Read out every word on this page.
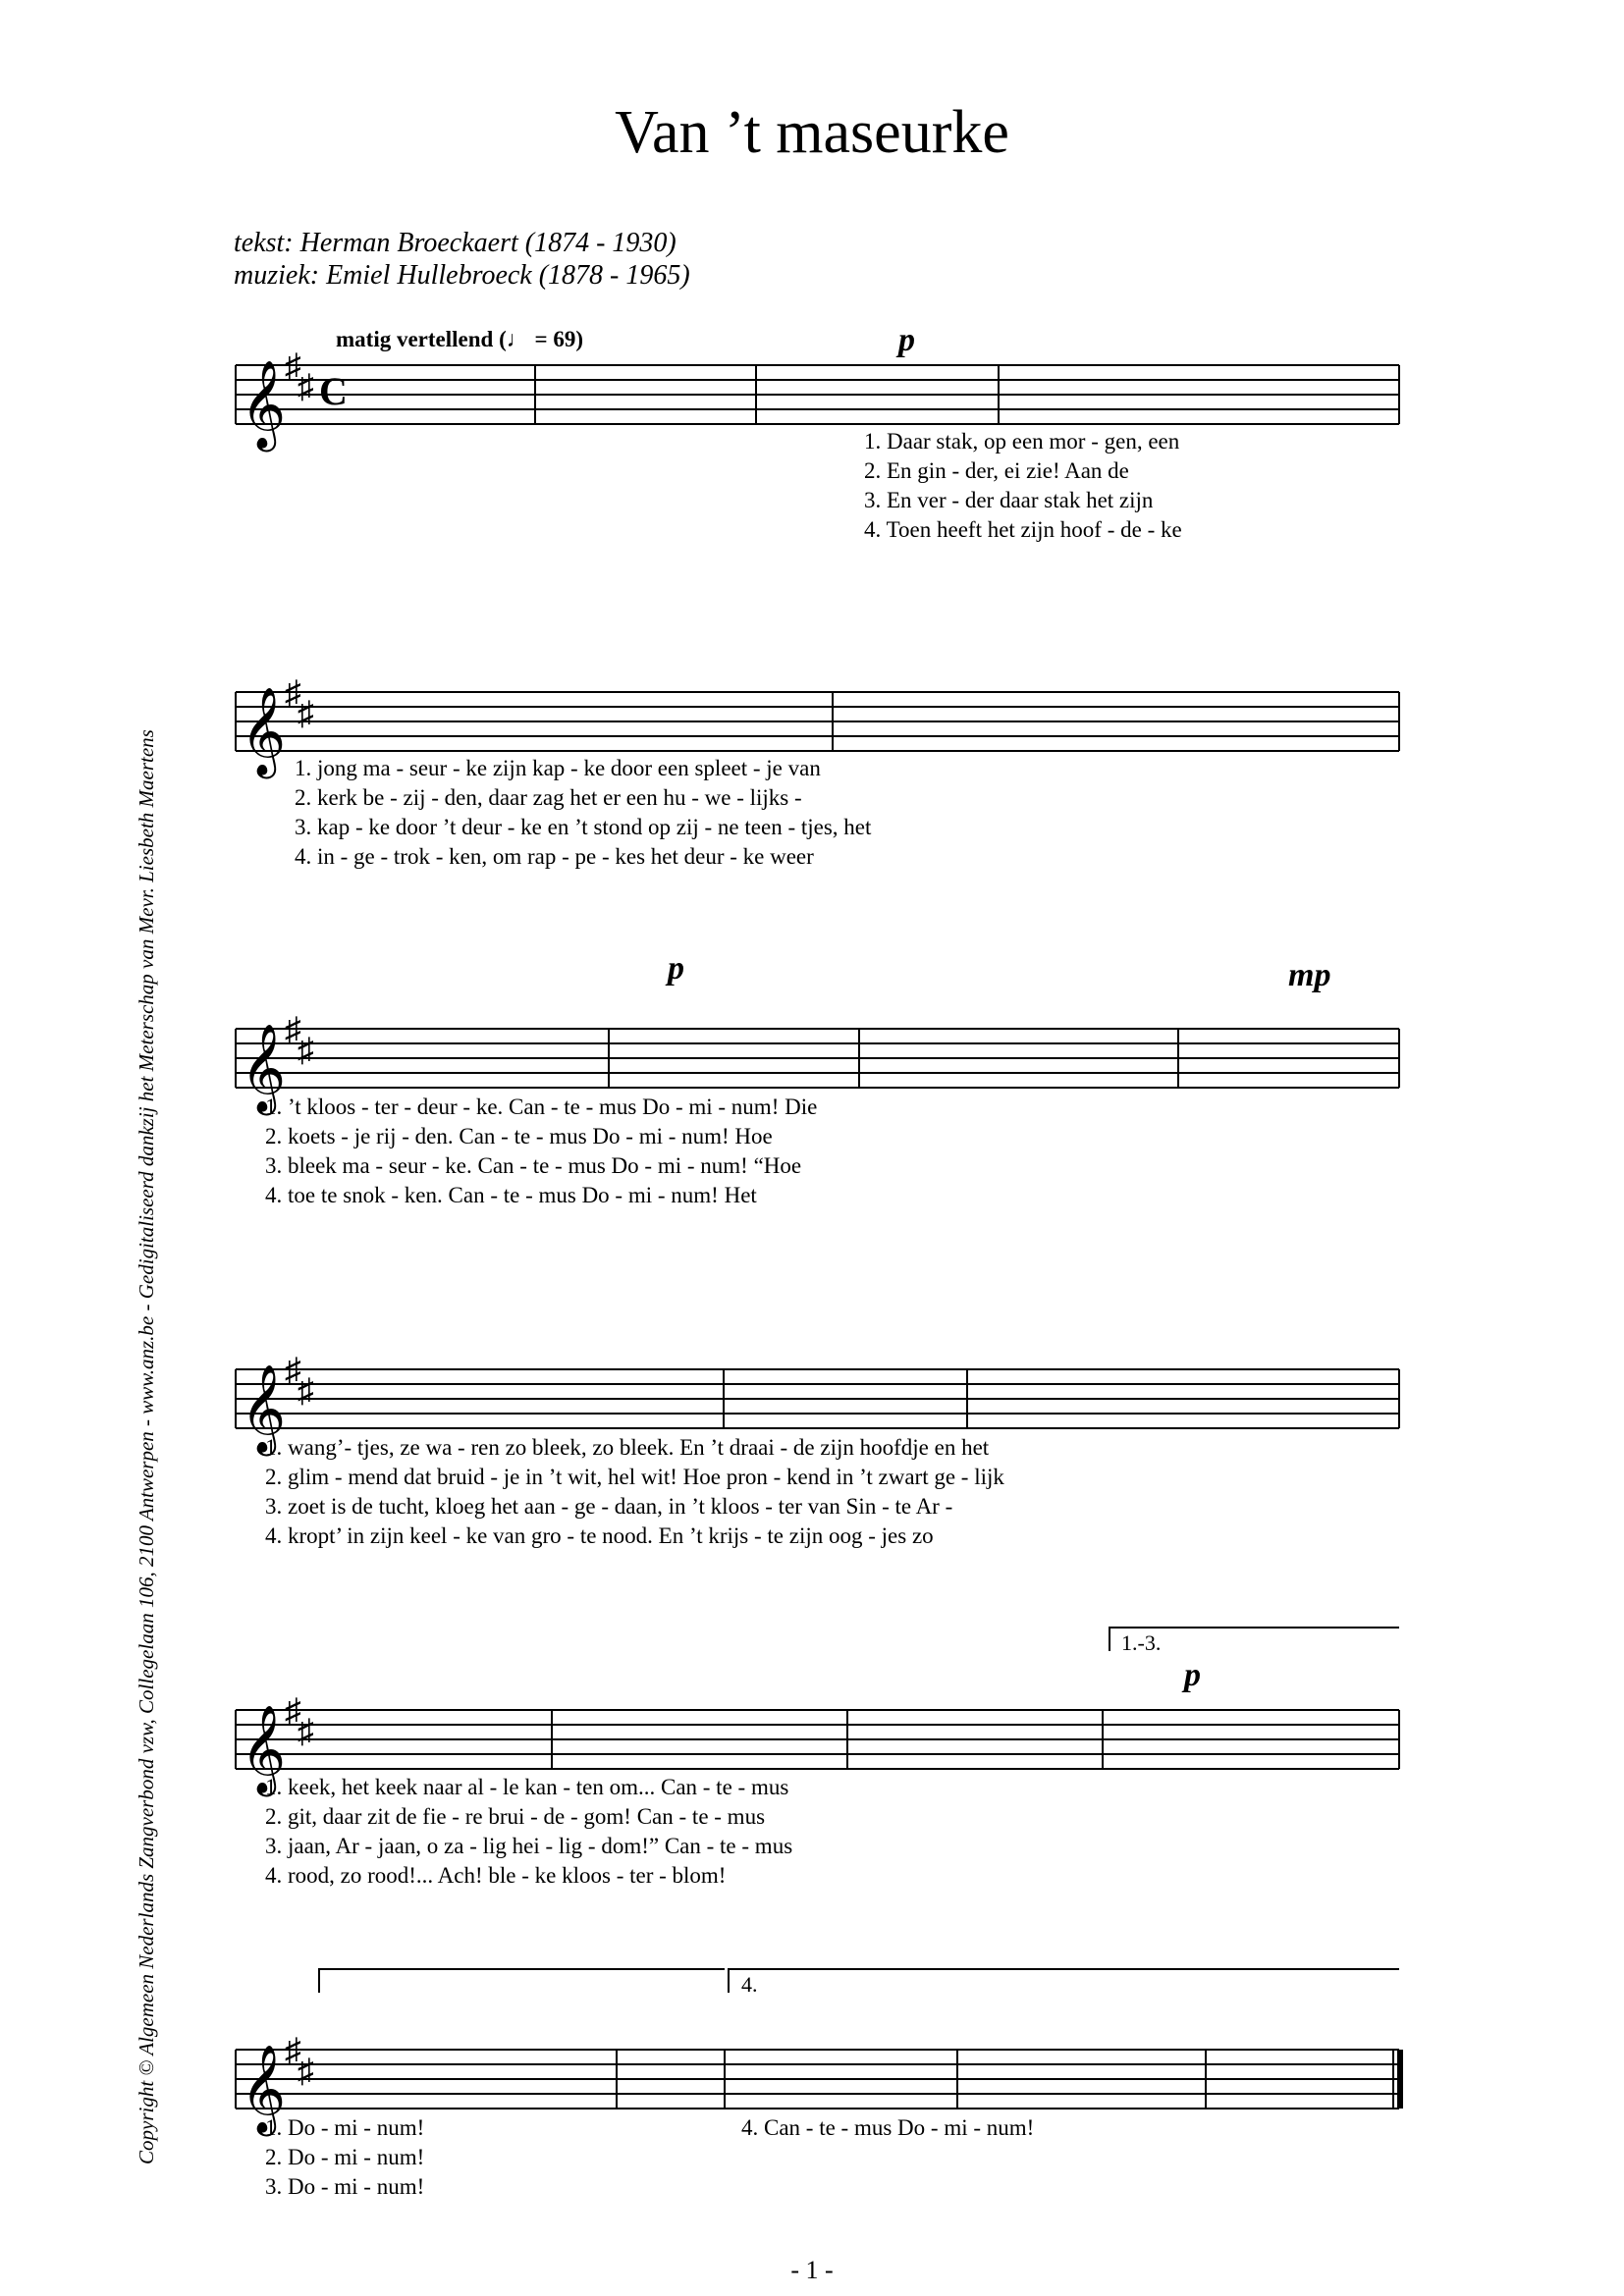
Van ’t maseurke
tekst: Herman Broeckaert (1874 - 1930)
muziek: Emiel Hullebroeck (1878 - 1965)
matig vertellend (♩ = 69)
𝄞
♯
♯ C
𝄞
♯
♯
𝄞
♯
♯
𝄞
♯
♯
𝄞
♯
♯
𝄞
♯
♯
p
p	mp
p
1.-3.
4.
1. Daar stak, op een mor - gen, een
2. En gin - der, ei zie! Aan de
3. En ver - der daar stak het zijn
4. Toen heeft het zijn hoof - de - ke
1. jong ma - seur - ke zijn kap - ke door een spleet - je van
2. kerk be - zij - den, daar zag het er een hu - we - lijks -
3. kap - ke door ’t deur - ke en ’t stond op zij - ne teen - tjes, het
4. in - ge - trok - ken, om rap - pe - kes het deur - ke weer
1. ’t kloos - ter - deur - ke. Can - te - mus Do - mi - num! Die
2. koets - je rij - den. Can - te - mus Do - mi - num! Hoe
3. bleek ma - seur - ke. Can - te - mus Do - mi - num! “Hoe
4. toe te snok - ken. Can - te - mus Do - mi - num! Het
1. wang’- tjes, ze wa - ren zo bleek, zo bleek. En ’t draai - de zijn hoofdje en het
2. glim - mend dat bruid - je in ’t wit, hel wit! Hoe pron - kend in ’t zwart ge - lijk
3. zoet is de tucht, kloeg het aan - ge - daan, in ’t kloos - ter van Sin - te Ar -
4. kropt’ in zijn keel - ke van gro - te nood. En ’t krijs - te zijn oog - jes zo
1. keek, het keek naar al - le kan - ten om... Can - te - mus
2. git, daar zit de fie - re brui - de - gom! Can - te - mus
3. jaan, Ar - jaan, o za - lig hei - lig - dom!” Can - te - mus
4. rood, zo rood!... Ach! ble - ke kloos - ter - blom!
1. Do - mi - num!
2. Do - mi - num!
3. Do - mi - num!
4. Can - te - mus Do - mi - num!
Copyright © Algemeen Nederlands Zangverbond vzw, Collegelaan 106, 2100 Antwerpen - www.anz.be - Gedigitaliseerd dankzij het Meterschap van Mevr. Liesbeth Maertens
- 1 -
